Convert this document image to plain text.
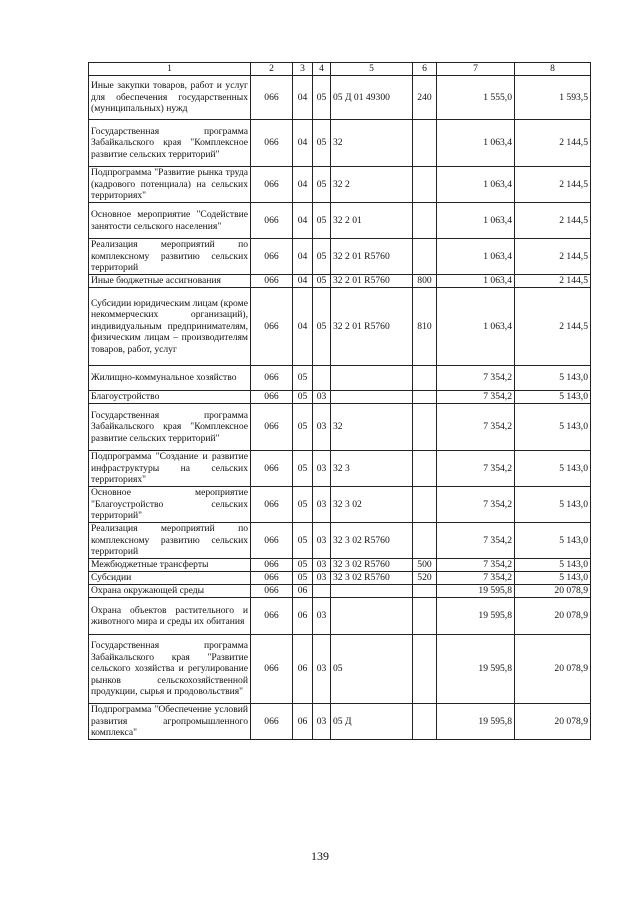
1	2	3	4	5	6	7	8
Иные закупки товаров, работ и услуг для обеспечения государственных (муниципальных) нужд	066	04	05	05 Д 01 49300	240	1 555,0	1 593,5
Государственная программа Забайкальского края "Комплексное развитие сельских территорий"	066	04	05	32		1 063,4	2 144,5
Подпрограмма "Развитие рынка труда (кадрового потенциала) на сельских территориях"	066	04	05	32 2		1 063,4	2 144,5
Основное мероприятие "Содействие занятости сельского населения"	066	04	05	32 2 01		1 063,4	2 144,5
Реализация мероприятий по комплексному развитию сельских территорий	066	04	05	32 2 01 R5760		1 063,4	2 144,5
Иные бюджетные ассигнования	066	04	05	32 2 01 R5760	800	1 063,4	2 144,5
Субсидии юридическим лицам (кроме некоммерческих организаций), индивидуальным предпринимателям, физическим лицам – производителям товаров, работ, услуг	066	04	05	32 2 01 R5760	810	1 063,4	2 144,5
Жилищно-коммунальное хозяйство	066	05				7 354,2	5 143,0
Благоустройство	066	05	03			7 354,2	5 143,0
Государственная программа Забайкальского края "Комплексное развитие сельских территорий"	066	05	03	32		7 354,2	5 143,0
Подпрограмма "Создание и развитие инфраструктуры на сельских территориях"	066	05	03	32 3		7 354,2	5 143,0
Основное мероприятие "Благоустройство сельских территорий"	066	05	03	32 3 02		7 354,2	5 143,0
Реализация мероприятий по комплексному развитию сельских территорий	066	05	03	32 3 02 R5760		7 354,2	5 143,0
Межбюджетные трансферты	066	05	03	32 3 02 R5760	500	7 354,2	5 143,0
Субсидии	066	05	03	32 3 02 R5760	520	7 354,2	5 143,0
Охрана окружающей среды	066	06				19 595,8	20 078,9
Охрана объектов растительного и животного мира и среды их обитания	066	06	03			19 595,8	20 078,9
Государственная программа Забайкальского края "Развитие сельского хозяйства и регулирование рынков сельскохозяйственной продукции, сырья и продовольствия"	066	06	03	05		19 595,8	20 078,9
Подпрограмма "Обеспечение условий развития агропромышленного комплекса"	066	06	03	05 Д		19 595,8	20 078,9
139
